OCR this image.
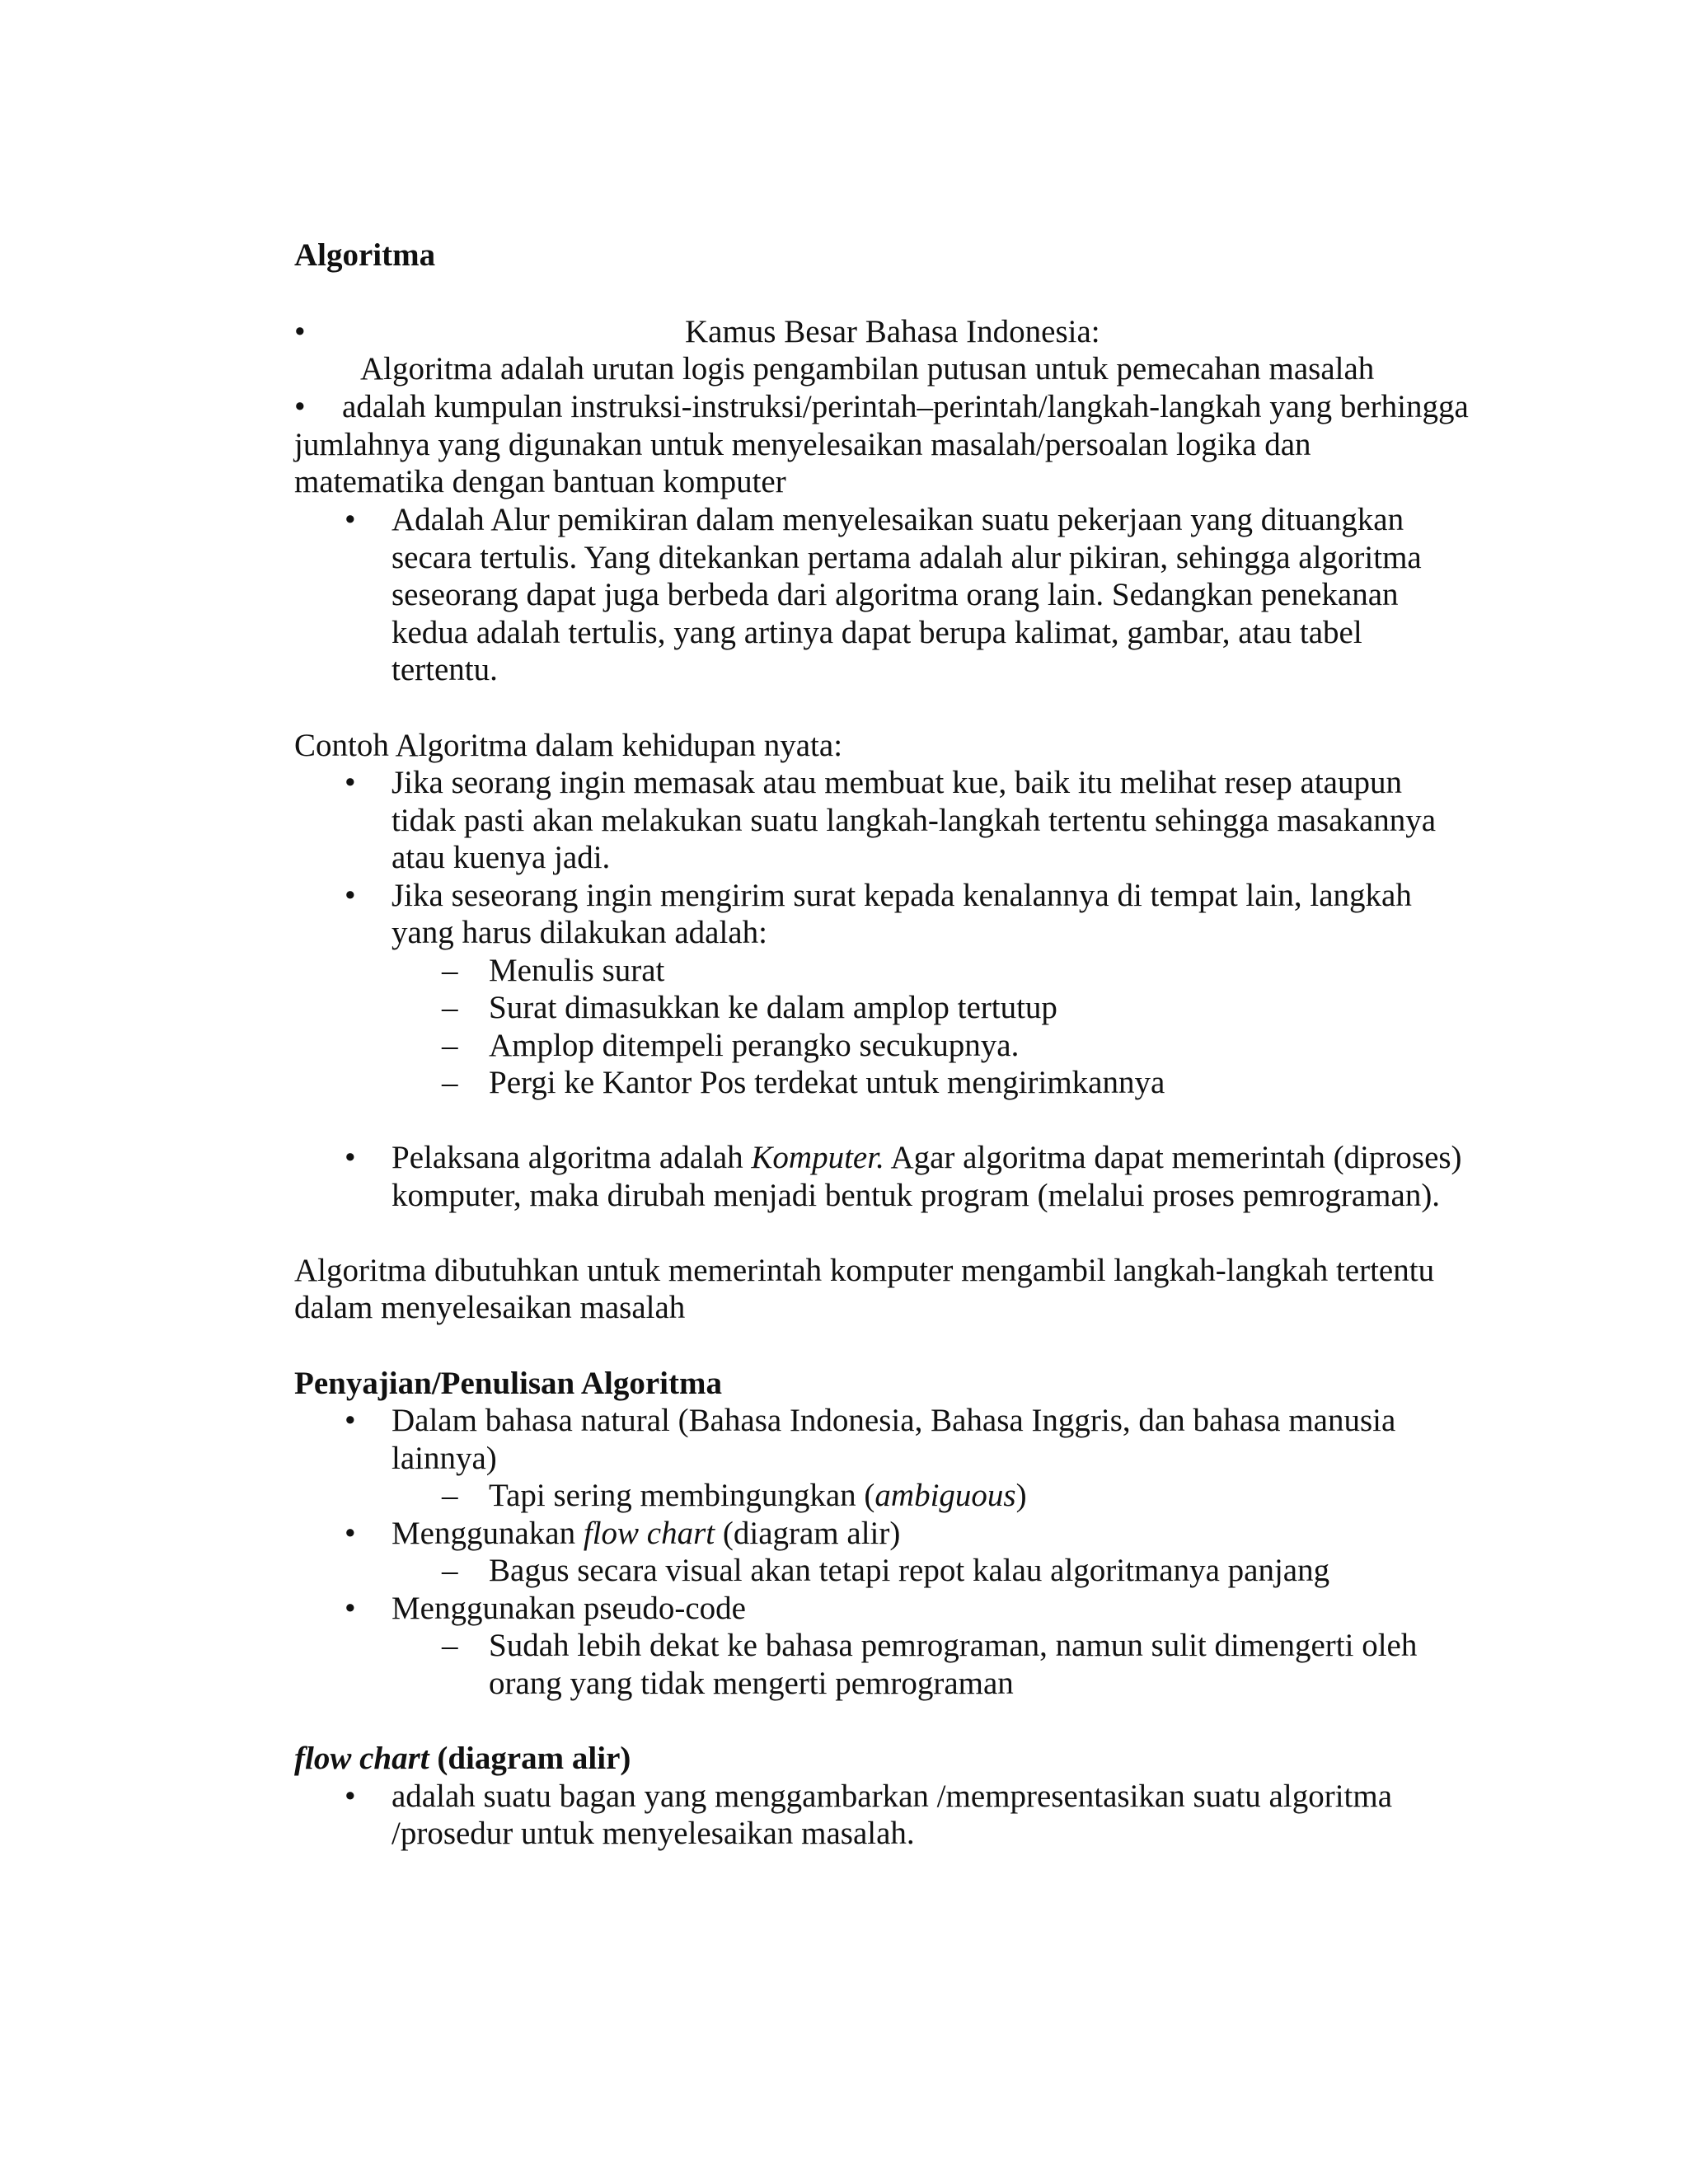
Algoritma
•	Kamus Besar Bahasa Indonesia:
Algoritma adalah urutan logis pengambilan putusan untuk pemecahan masalah
• adalah kumpulan instruksi-instruksi/perintah–perintah/langkah-langkah yang berhingga
jumlahnya yang digunakan untuk menyelesaikan masalah/persoalan logika dan
matematika dengan bantuan komputer
• Adalah Alur pemikiran dalam menyelesaikan suatu pekerjaan yang dituangkan
secara tertulis. Yang ditekankan pertama adalah alur pikiran, sehingga algoritma
seseorang dapat juga berbeda dari algoritma orang lain. Sedangkan penekanan
kedua adalah tertulis, yang artinya dapat berupa kalimat, gambar, atau tabel
tertentu.
Contoh Algoritma dalam kehidupan nyata:
• Jika seorang ingin memasak atau membuat kue, baik itu melihat resep ataupun
tidak pasti akan melakukan suatu langkah-langkah tertentu sehingga masakannya
atau kuenya jadi.
• Jika seseorang ingin mengirim surat kepada kenalannya di tempat lain, langkah
yang harus dilakukan adalah:
– Menulis surat
– Surat dimasukkan ke dalam amplop tertutup
– Amplop ditempeli perangko secukupnya.
– Pergi ke Kantor Pos terdekat untuk mengirimkannya
• Pelaksana algoritma adalah Komputer. Agar algoritma dapat memerintah (diproses)
komputer, maka dirubah menjadi bentuk program (melalui proses pemrograman).
Algoritma dibutuhkan untuk memerintah komputer mengambil langkah-langkah tertentu
dalam menyelesaikan masalah
Penyajian/Penulisan Algoritma
• Dalam bahasa natural (Bahasa Indonesia, Bahasa Inggris, dan bahasa manusia
lainnya)
– Tapi sering membingungkan (ambiguous)
• Menggunakan flow chart (diagram alir)
– Bagus secara visual akan tetapi repot kalau algoritmanya panjang
• Menggunakan pseudo-code
– Sudah lebih dekat ke bahasa pemrograman, namun sulit dimengerti oleh
orang yang tidak mengerti pemrograman
flow chart (diagram alir)
• adalah suatu bagan yang menggambarkan /mempresentasikan suatu algoritma
/prosedur untuk menyelesaikan masalah.
